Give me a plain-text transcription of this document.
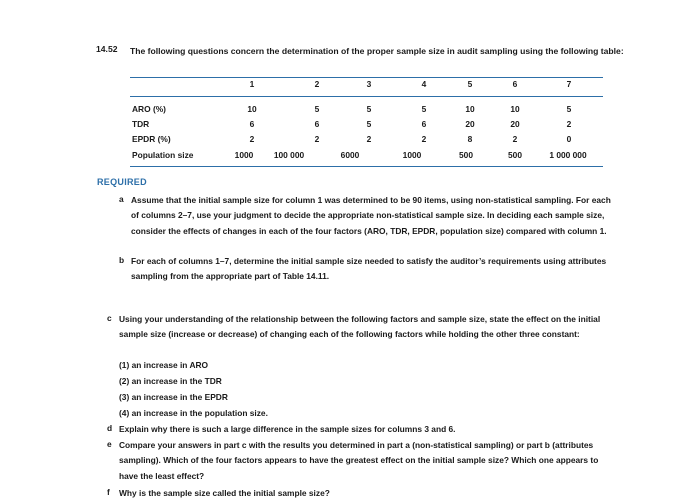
14.52 The following questions concern the determination of the proper sample size in audit sampling using the following table:
1	2	3	4	5	6	7
ARO (%)	10	5	5	5	10	10	5
TDR	6	6	5	6	20	20	2
EPDR (%)	2	2	2	2	8	2	0
Population size	1000	100 000	6000	1000	500	500	1 000 000
REQUIRED
a Assume that the initial sample size for column 1 was determined to be 90 items, using non-statistical sampling. For each of columns 2–7, use your judgment to decide the appropriate non-statistical sample size. In deciding each sample size, consider the effects of changes in each of the four factors (ARO, TDR, EPDR, population size) compared with column 1.
b For each of columns 1–7, determine the initial sample size needed to satisfy the auditor’s requirements using attributes sampling from the appropriate part of Table 14.11.
c Using your understanding of the relationship between the following factors and sample size, state the effect on the initial sample size (increase or decrease) of changing each of the following factors while holding the other three constant:
(1) an increase in ARO
(2) an increase in the TDR
(3) an increase in the EPDR
(4) an increase in the population size.
d Explain why there is such a large difference in the sample sizes for columns 3 and 6.
e Compare your answers in part c with the results you determined in part a (non-statistical sampling) or part b (attributes sampling). Which of the four factors appears to have the greatest effect on the initial sample size? Which one appears to have the least effect?
f Why is the sample size called the initial sample size?
